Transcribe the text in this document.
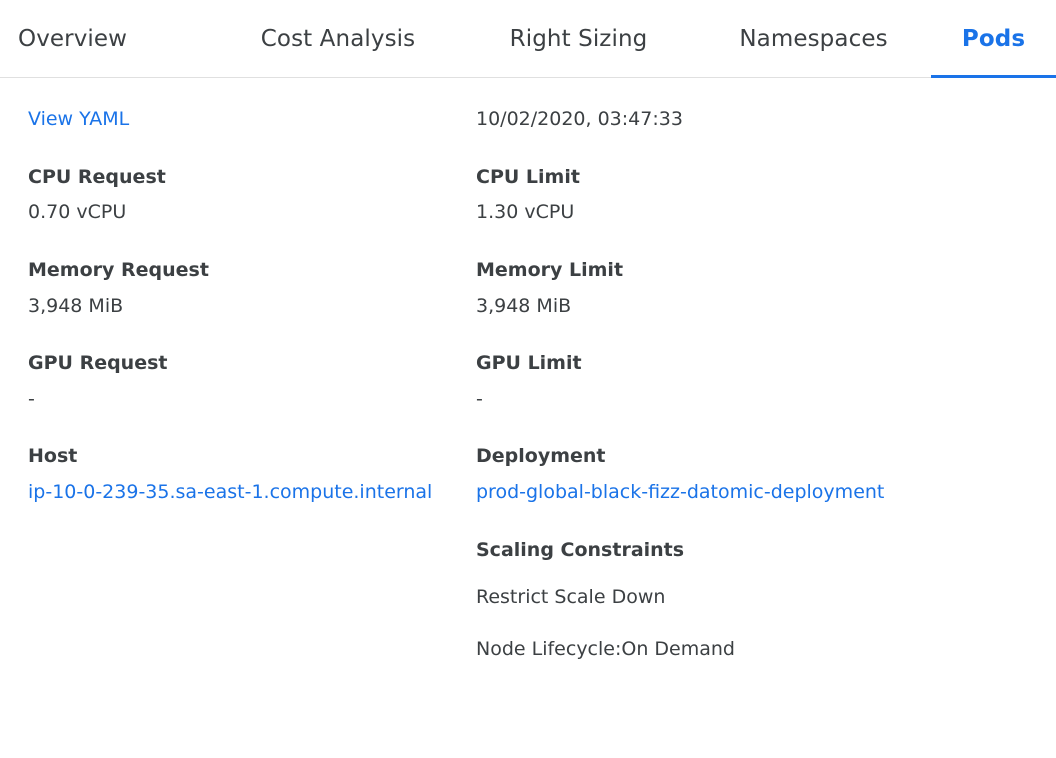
Overview	Cost Analysis	Right Sizing	Namespaces	Pods
View YAML
CPU Request
0.70 vCPU
Memory Request
3,948 MiB
GPU Request
-
Host
ip-10-0-239-35.sa-east-1.compute.internal
10/02/2020, 03:47:33
CPU Limit
1.30 vCPU
Memory Limit
3,948 MiB
GPU Limit
-
Deployment
prod-global-black-fizz-datomic-deployment
Scaling Constraints
Restrict Scale Down
Node Lifecycle:On Demand
